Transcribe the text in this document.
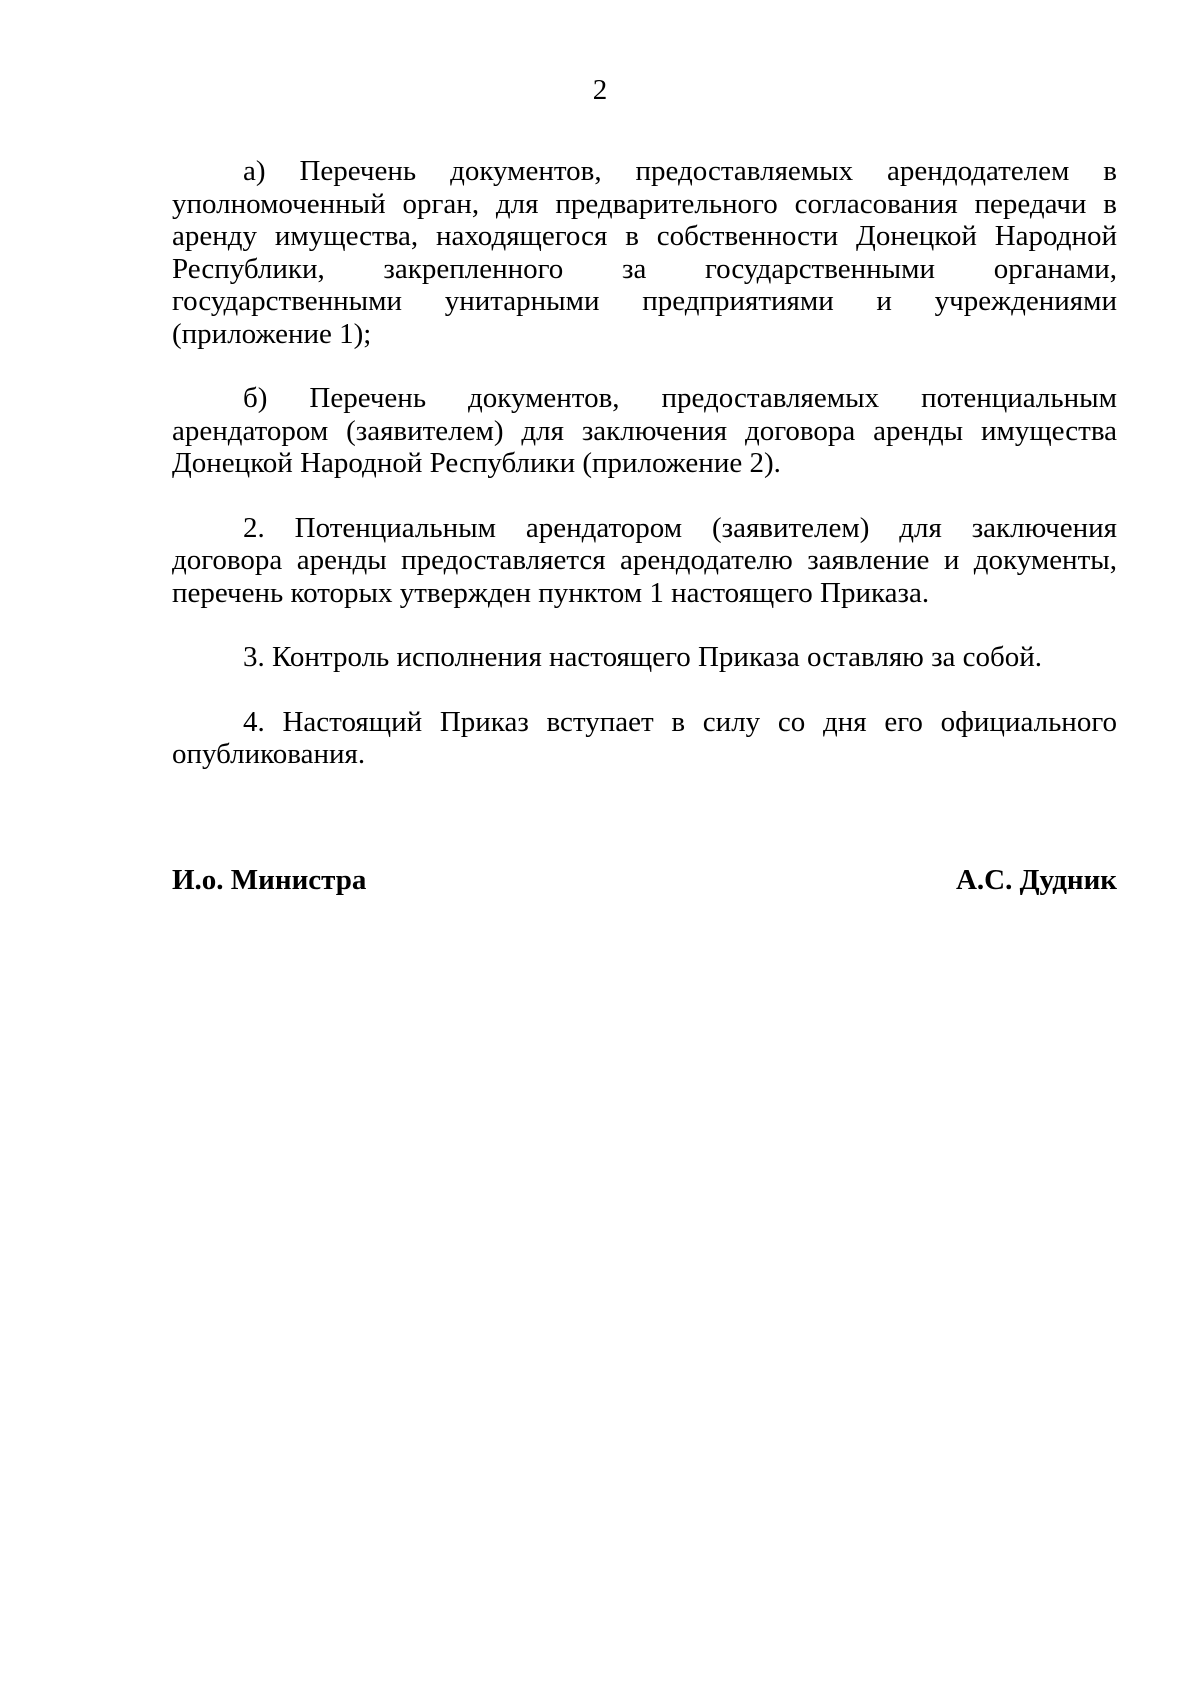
2

а) Перечень документов, предоставляемых арендодателем в уполномоченный орган, для предварительного согласования передачи в аренду имущества, находящегося в собственности Донецкой Народной Республики, закрепленного за государственными органами, государственными унитарными предприятиями и учреждениями (приложение 1);

б) Перечень документов, предоставляемых потенциальным арендатором (заявителем) для заключения договора аренды имущества Донецкой Народной Республики (приложение 2).

2. Потенциальным арендатором (заявителем) для заключения договора аренды предоставляется арендодателю заявление и документы, перечень которых утвержден пунктом 1 настоящего Приказа.

3. Контроль исполнения настоящего Приказа оставляю за собой.

4. Настоящий Приказ вступает в силу со дня его официального опубликования.

И.о. Министра	А.С. Дудник
